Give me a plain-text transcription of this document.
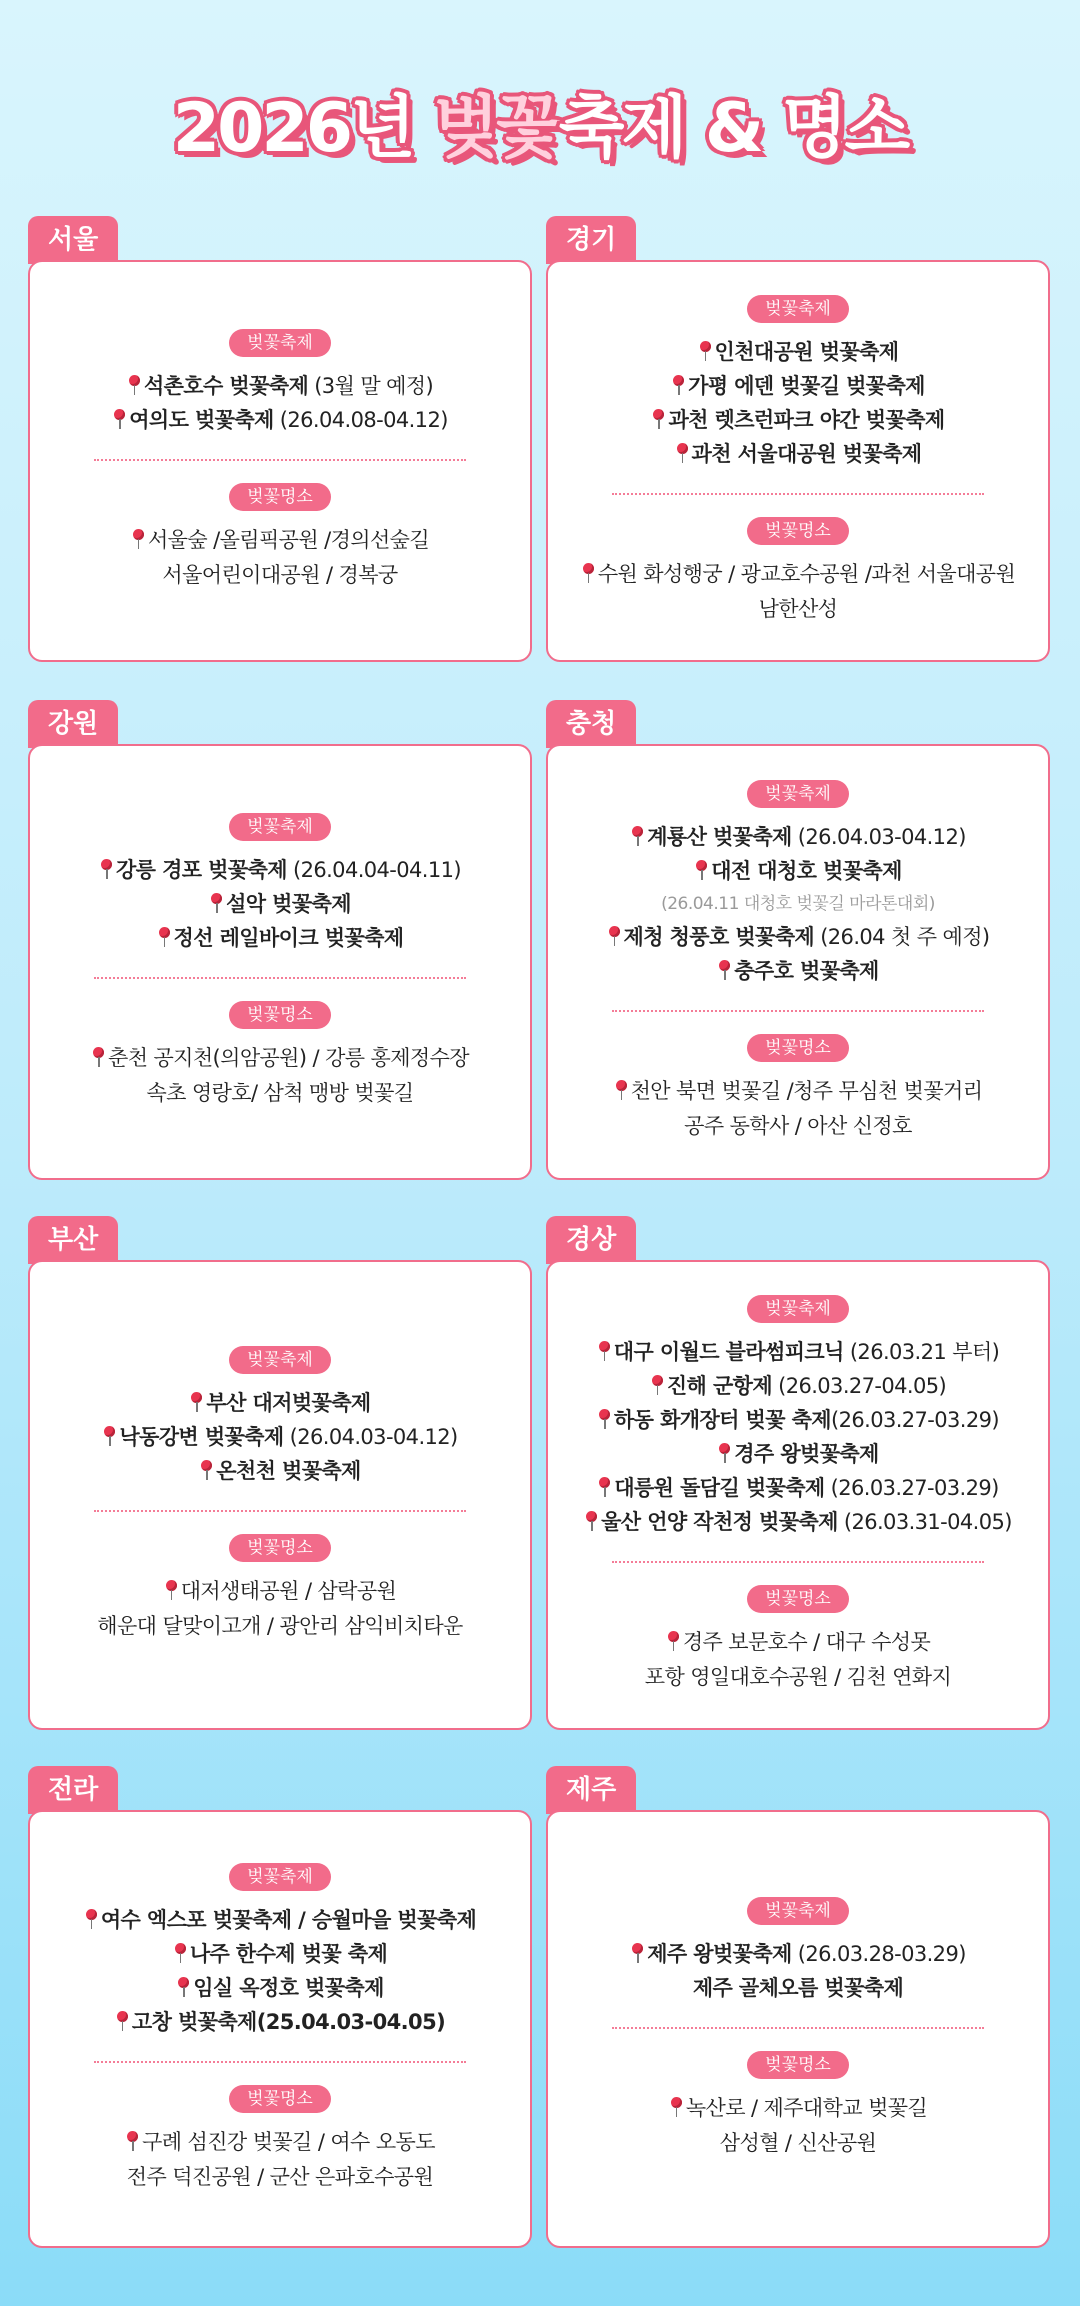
2026년 벚꽃축제 & 명소
서울
벚꽃축제
석촌호수 벚꽃축제 (3월 말 예정)
여의도 벚꽃축제 (26.04.08-04.12)
벚꽃명소
서울숲 /올림픽공원 /경의선숲길
서울어린이대공원 / 경복궁
경기
벚꽃축제
인천대공원 벚꽃축제
가평 에덴 벚꽃길 벚꽃축제
과천 렛츠런파크 야간 벚꽃축제
과천 서울대공원 벚꽃축제
벚꽃명소
수원 화성행궁 / 광교호수공원 /과천 서울대공원
남한산성
강원
벚꽃축제
강릉 경포 벚꽃축제 (26.04.04-04.11)
설악 벚꽃축제
정선 레일바이크 벚꽃축제
벚꽃명소
춘천 공지천(의암공원) / 강릉 홍제정수장
속초 영랑호/ 삼척 맹방 벚꽃길
충청
벚꽃축제
계룡산 벚꽃축제 (26.04.03-04.12)
대전 대청호 벚꽃축제
(26.04.11 대청호 벚꽃길 마라톤대회)
제청 청풍호 벚꽃축제 (26.04 첫 주 예정)
충주호 벚꽃축제
벚꽃명소
천안 북면 벚꽃길 /청주 무심천 벚꽃거리
공주 동학사 / 아산 신정호
부산
벚꽃축제
부산 대저벚꽃축제
낙동강변 벚꽃축제 (26.04.03-04.12)
온천천 벚꽃축제
벚꽃명소
대저생태공원 / 삼락공원
해운대 달맞이고개 / 광안리 삼익비치타운
경상
벚꽃축제
대구 이월드 블라썸피크닉 (26.03.21 부터)
진해 군항제 (26.03.27-04.05)
하동 화개장터 벚꽃 축제(26.03.27-03.29)
경주 왕벚꽃축제
대릉원 돌담길 벚꽃축제 (26.03.27-03.29)
울산 언양 작천정 벚꽃축제 (26.03.31-04.05)
벚꽃명소
경주 보문호수 / 대구 수성못
포항 영일대호수공원 / 김천 연화지
전라
벚꽃축제
여수 엑스포 벚꽃축제 / 승월마을 벚꽃축제
나주 한수제 벚꽃 축제
임실 옥정호 벚꽃축제
고창 벚꽃축제(25.04.03-04.05)
벚꽃명소
구례 섬진강 벚꽃길 / 여수 오동도
전주 덕진공원 / 군산 은파호수공원
제주
벚꽃축제
제주 왕벚꽃축제 (26.03.28-03.29)
제주 골체오름 벚꽃축제
벚꽃명소
녹산로 / 제주대학교 벚꽃길
삼성혈 / 신산공원
